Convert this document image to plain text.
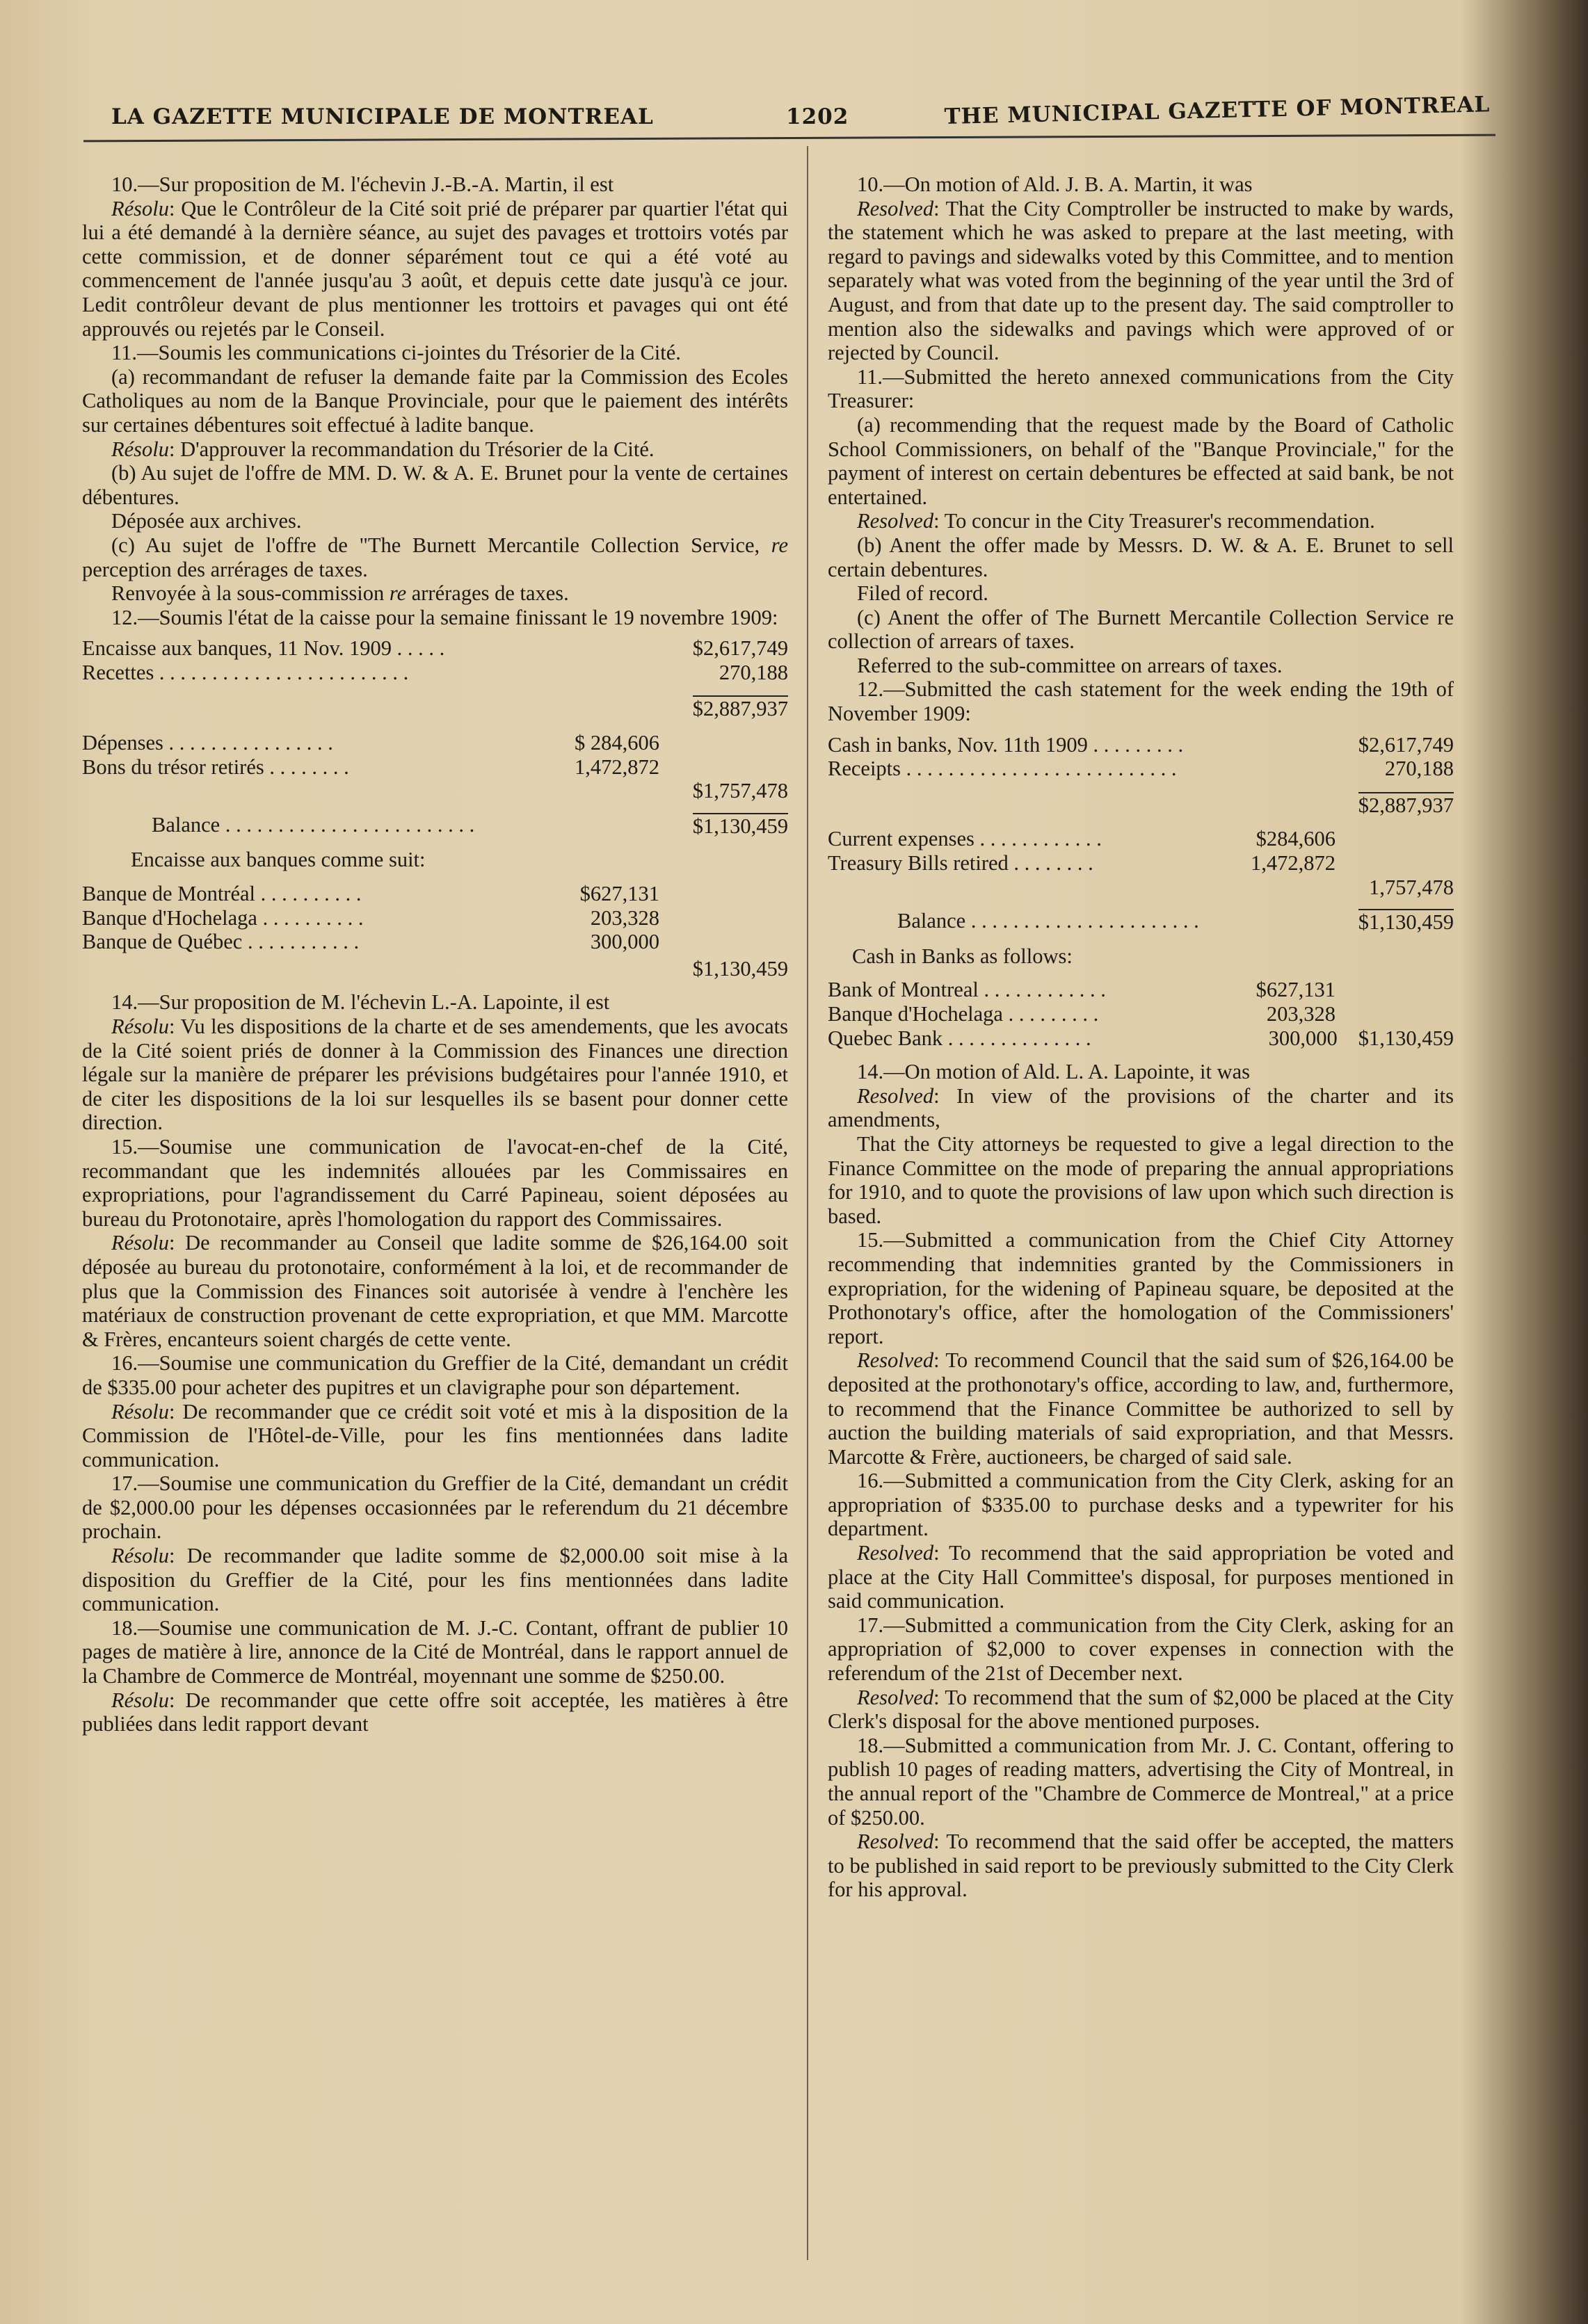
LA GAZETTE MUNICIPALE DE MONTREAL	1202	THE MUNICIPAL GAZETTE OF MONTREAL

10.—Sur proposition de M. l'échevin J.-B.-A. Martin, il est

Résolu: Que le Contrôleur de la Cité soit prié de préparer par quartier l'état qui lui a été demandé à la dernière séance, au sujet des pavages et trottoirs votés par cette commission, et de donner séparément tout ce qui a été voté au commencement de l'année jusqu'au 3 août, et depuis cette date jusqu'à ce jour. Ledit contrôleur devant de plus mentionner les trottoirs et pavages qui ont été approuvés ou rejetés par le Conseil.

11.—Soumis les communications ci-jointes du Trésorier de la Cité.

(a) recommandant de refuser la demande faite par la Commission des Ecoles Catholiques au nom de la Banque Provinciale, pour que le paiement des intérêts sur certaines débentures soit effectué à ladite banque.

Résolu: D'approuver la recommandation du Trésorier de la Cité.

(b) Au sujet de l'offre de MM. D. W. & A. E. Brunet pour la vente de certaines débentures.

Déposée aux archives.

(c) Au sujet de l'offre de "The Burnett Mercantile Collection Service, re perception des arrérages de taxes.

Renvoyée à la sous-commission re arrérages de taxes.

12.—Soumis l'état de la caisse pour la semaine finissant le 19 novembre 1909:

Encaisse aux banques, 11 Nov. 1909 . . . . .	$2,617,749
Recettes . . . . . . . . . . . . . . . . . . . . . . . .	270,188
$2,887,937
Dépenses . . . . . . . . . . . . . . . .	$ 284,606
Bons du trésor retirés . . . . . . . .	1,472,872
$1,757,478
Balance . . . . . . . . . . . . . . . . . . . . . . . .	$1,130,459
Encaisse aux banques comme suit:
Banque de Montréal . . . . . . . . . .	$627,131
Banque d'Hochelaga . . . . . . . . . .	203,328
Banque de Québec . . . . . . . . . . .	300,000
$1,130,459

14.—Sur proposition de M. l'échevin L.-A. Lapointe, il est

Résolu: Vu les dispositions de la charte et de ses amendements, que les avocats de la Cité soient priés de donner à la Commission des Finances une direction légale sur la manière de préparer les prévisions budgétaires pour l'année 1910, et de citer les dispositions de la loi sur lesquelles ils se basent pour donner cette direction.

15.—Soumise une communication de l'avocat-en-chef de la Cité, recommandant que les indemnités allouées par les Commissaires en expropriations, pour l'agrandissement du Carré Papineau, soient déposées au bureau du Protonotaire, après l'homologation du rapport des Commissaires.

Résolu: De recommander au Conseil que ladite somme de $26,164.00 soit déposée au bureau du protonotaire, conformément à la loi, et de recommander de plus que la Commission des Finances soit autorisée à vendre à l'enchère les matériaux de construction provenant de cette expropriation, et que MM. Marcotte & Frères, encanteurs soient chargés de cette vente.

16.—Soumise une communication du Greffier de la Cité, demandant un crédit de $335.00 pour acheter des pupitres et un clavigraphe pour son département.

Résolu: De recommander que ce crédit soit voté et mis à la disposition de la Commission de l'Hôtel-de-Ville, pour les fins mentionnées dans ladite communication.

17.—Soumise une communication du Greffier de la Cité, demandant un crédit de $2,000.00 pour les dépenses occasionnées par le referendum du 21 décembre prochain.

Résolu: De recommander que ladite somme de $2,000.00 soit mise à la disposition du Greffier de la Cité, pour les fins mentionnées dans ladite communication.

18.—Soumise une communication de M. J.-C. Contant, offrant de publier 10 pages de matière à lire, annonce de la Cité de Montréal, dans le rapport annuel de la Chambre de Commerce de Montréal, moyennant une somme de $250.00.

Résolu: De recommander que cette offre soit acceptée, les matières à être publiées dans ledit rapport devant

10.—On motion of Ald. J. B. A. Martin, it was

Resolved: That the City Comptroller be instructed to make by wards, the statement which he was asked to prepare at the last meeting, with regard to pavings and sidewalks voted by this Committee, and to mention separately what was voted from the beginning of the year until the 3rd of August, and from that date up to the present day. The said comptroller to mention also the sidewalks and pavings which were approved of or rejected by Council.

11.—Submitted the hereto annexed communications from the City Treasurer:

(a) recommending that the request made by the Board of Catholic School Commissioners, on behalf of the "Banque Provinciale," for the payment of interest on certain debentures be effected at said bank, be not entertained.

Resolved: To concur in the City Treasurer's recommendation.

(b) Anent the offer made by Messrs. D. W. & A. E. Brunet to sell certain debentures.

Filed of record.

(c) Anent the offer of The Burnett Mercantile Collection Service re collection of arrears of taxes.

Referred to the sub-committee on arrears of taxes.

12.—Submitted the cash statement for the week ending the 19th of November 1909:

Cash in banks, Nov. 11th 1909 . . . . . . . . .	$2,617,749
Receipts . . . . . . . . . . . . . . . . . . . . . . . . . .	270,188
$2,887,937
Current expenses . . . . . . . . . . . .	$284,606
Treasury Bills retired . . . . . . . .	1,472,872
1,757,478
Balance . . . . . . . . . . . . . . . . . . . . . .	$1,130,459
Cash in Banks as follows:
Bank of Montreal . . . . . . . . . . . .	$627,131
Banque d'Hochelaga . . . . . . . . .	203,328
Quebec Bank . . . . . . . . . . . . . .	300,000 $1,130,459

14.—On motion of Ald. L. A. Lapointe, it was

Resolved: In view of the provisions of the charter and its amendments,

That the City attorneys be requested to give a legal direction to the Finance Committee on the mode of preparing the annual appropriations for 1910, and to quote the provisions of law upon which such direction is based.

15.—Submitted a communication from the Chief City Attorney recommending that indemnities granted by the Commissioners in expropriation, for the widening of Papineau square, be deposited at the Prothonotary's office, after the homologation of the Commissioners' report.

Resolved: To recommend Council that the said sum of $26,164.00 be deposited at the prothonotary's office, according to law, and, furthermore, to recommend that the Finance Committee be authorized to sell by auction the building materials of said expropriation, and that Messrs. Marcotte & Frère, auctioneers, be charged of said sale.

16.—Submitted a communication from the City Clerk, asking for an appropriation of $335.00 to purchase desks and a typewriter for his department.

Resolved: To recommend that the said appropriation be voted and place at the City Hall Committee's disposal, for purposes mentioned in said communication.

17.—Submitted a communication from the City Clerk, asking for an appropriation of $2,000 to cover expenses in connection with the referendum of the 21st of December next.

Resolved: To recommend that the sum of $2,000 be placed at the City Clerk's disposal for the above mentioned purposes.

18.—Submitted a communication from Mr. J. C. Contant, offering to publish 10 pages of reading matters, advertising the City of Montreal, in the annual report of the "Chambre de Commerce de Montreal," at a price of $250.00.

Resolved: To recommend that the said offer be accepted, the matters to be published in said report to be previously submitted to the City Clerk for his approval.
